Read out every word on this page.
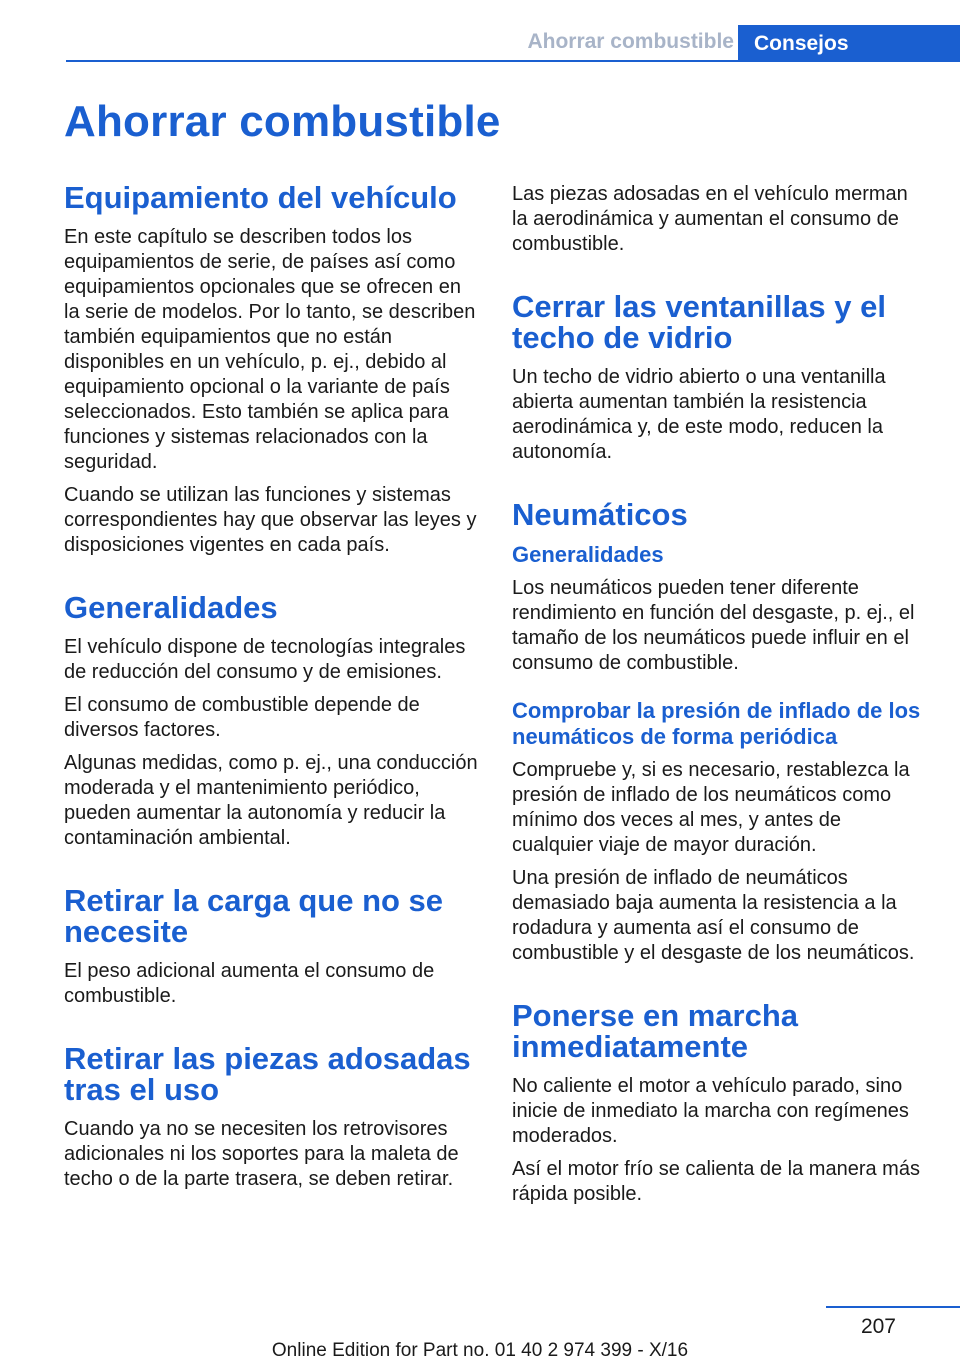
Ahorrar combustible Consejos
Ahorrar combustible
Equipamiento del vehículo

En este capítulo se describen todos los equipamientos de serie, de países así como equipamientos opcionales que se ofrecen en la serie de modelos. Por lo tanto, se describen también equipamientos que no están disponibles en un vehículo, p. ej., debido al equipamiento opcional o la variante de país seleccionados. Esto también se aplica para funciones y sistemas relacionados con la seguridad.

Cuando se utilizan las funciones y sistemas correspondientes hay que observar las leyes y disposiciones vigentes en cada país.

Generalidades

El vehículo dispone de tecnologías integrales de reducción del consumo y de emisiones.

El consumo de combustible depende de diversos factores.

Algunas medidas, como p. ej., una conducción moderada y el mantenimiento periódico, pueden aumentar la autonomía y reducir la contaminación ambiental.

Retirar la carga que no se necesite

El peso adicional aumenta el consumo de combustible.

Retirar las piezas adosadas tras el uso

Cuando ya no se necesiten los retrovisores adicionales ni los soportes para la maleta de techo o de la parte trasera, se deben retirar.

Las piezas adosadas en el vehículo merman la aerodinámica y aumentan el consumo de combustible.

Cerrar las ventanillas y el techo de vidrio

Un techo de vidrio abierto o una ventanilla abierta aumentan también la resistencia aerodinámica y, de este modo, reducen la autonomía.

Neumáticos
Generalidades

Los neumáticos pueden tener diferente rendimiento en función del desgaste, p. ej., el tamaño de los neumáticos puede influir en el consumo de combustible.

Comprobar la presión de inflado de los neumáticos de forma periódica

Compruebe y, si es necesario, restablezca la presión de inflado de los neumáticos como mínimo dos veces al mes, y antes de cualquier viaje de mayor duración.

Una presión de inflado de neumáticos demasiado baja aumenta la resistencia a la rodadura y aumenta así el consumo de combustible y el desgaste de los neumáticos.

Ponerse en marcha inmediatamente

No caliente el motor a vehículo parado, sino inicie de inmediato la marcha con regímenes moderados.

Así el motor frío se calienta de la manera más rápida posible.

207
Online Edition for Part no. 01 40 2 974 399 - X/16
